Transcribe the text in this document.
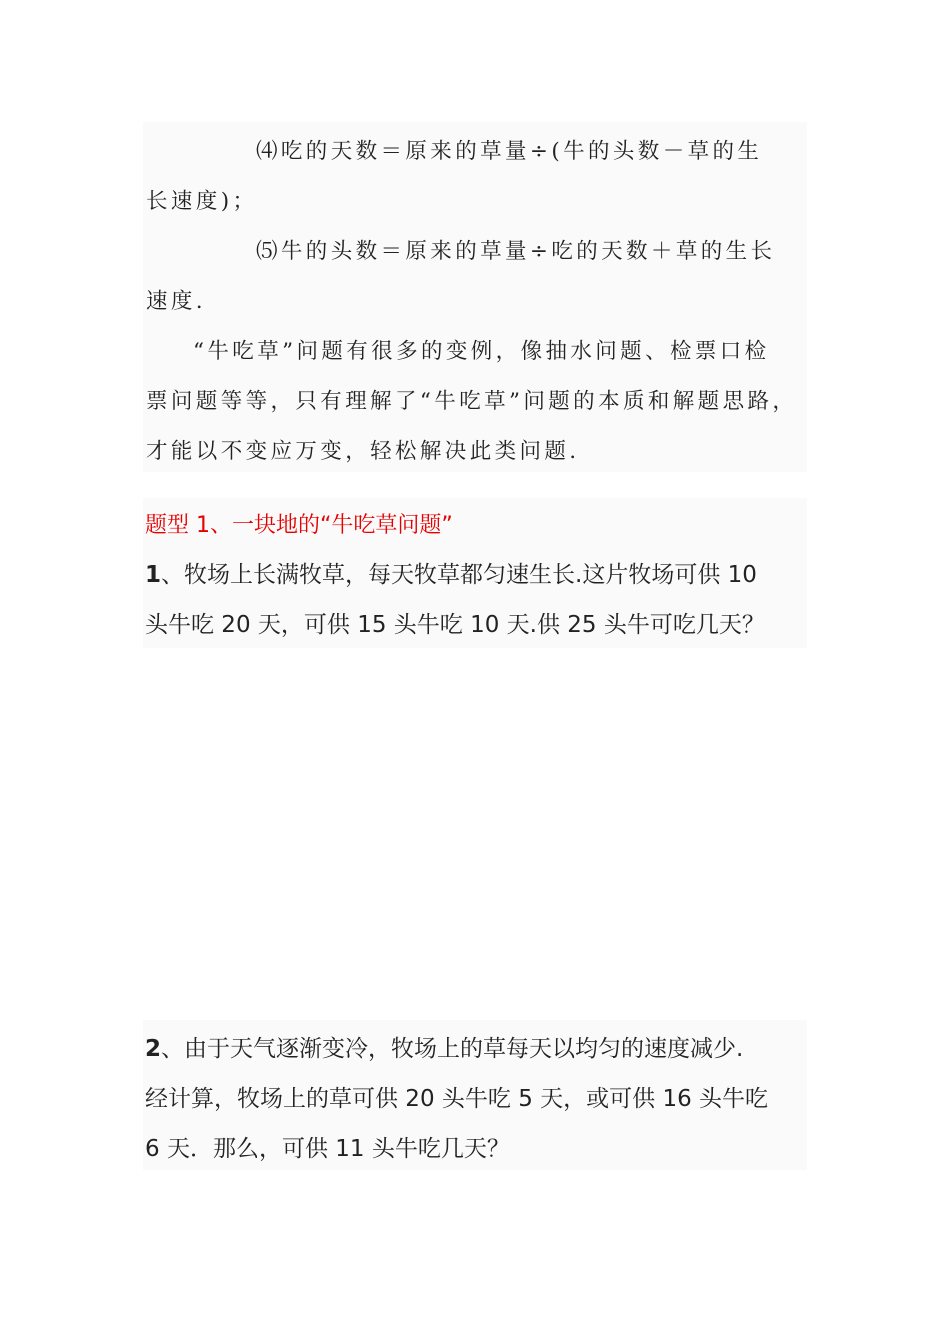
⑷吃的天数＝原来的草量÷(牛的头数－草的生
长速度)；
⑸牛的头数＝原来的草量÷吃的天数＋草的生长
速度.
“牛吃草”问题有很多的变例，像抽水问题、检票口检
票问题等等，只有理解了“牛吃草”问题的本质和解题思路，
才能以不变应万变，轻松解决此类问题.
题型 1、一块地的“牛吃草问题”
1、牧场上长满牧草，每天牧草都匀速生长.这片牧场可供 10
头牛吃 20 天，可供 15 头牛吃 10 天.供 25 头牛可吃几天？
2、由于天气逐渐变冷，牧场上的草每天以均匀的速度减少.
经计算，牧场上的草可供 20 头牛吃 5 天，或可供 16 头牛吃
6 天．那么，可供 11 头牛吃几天？
